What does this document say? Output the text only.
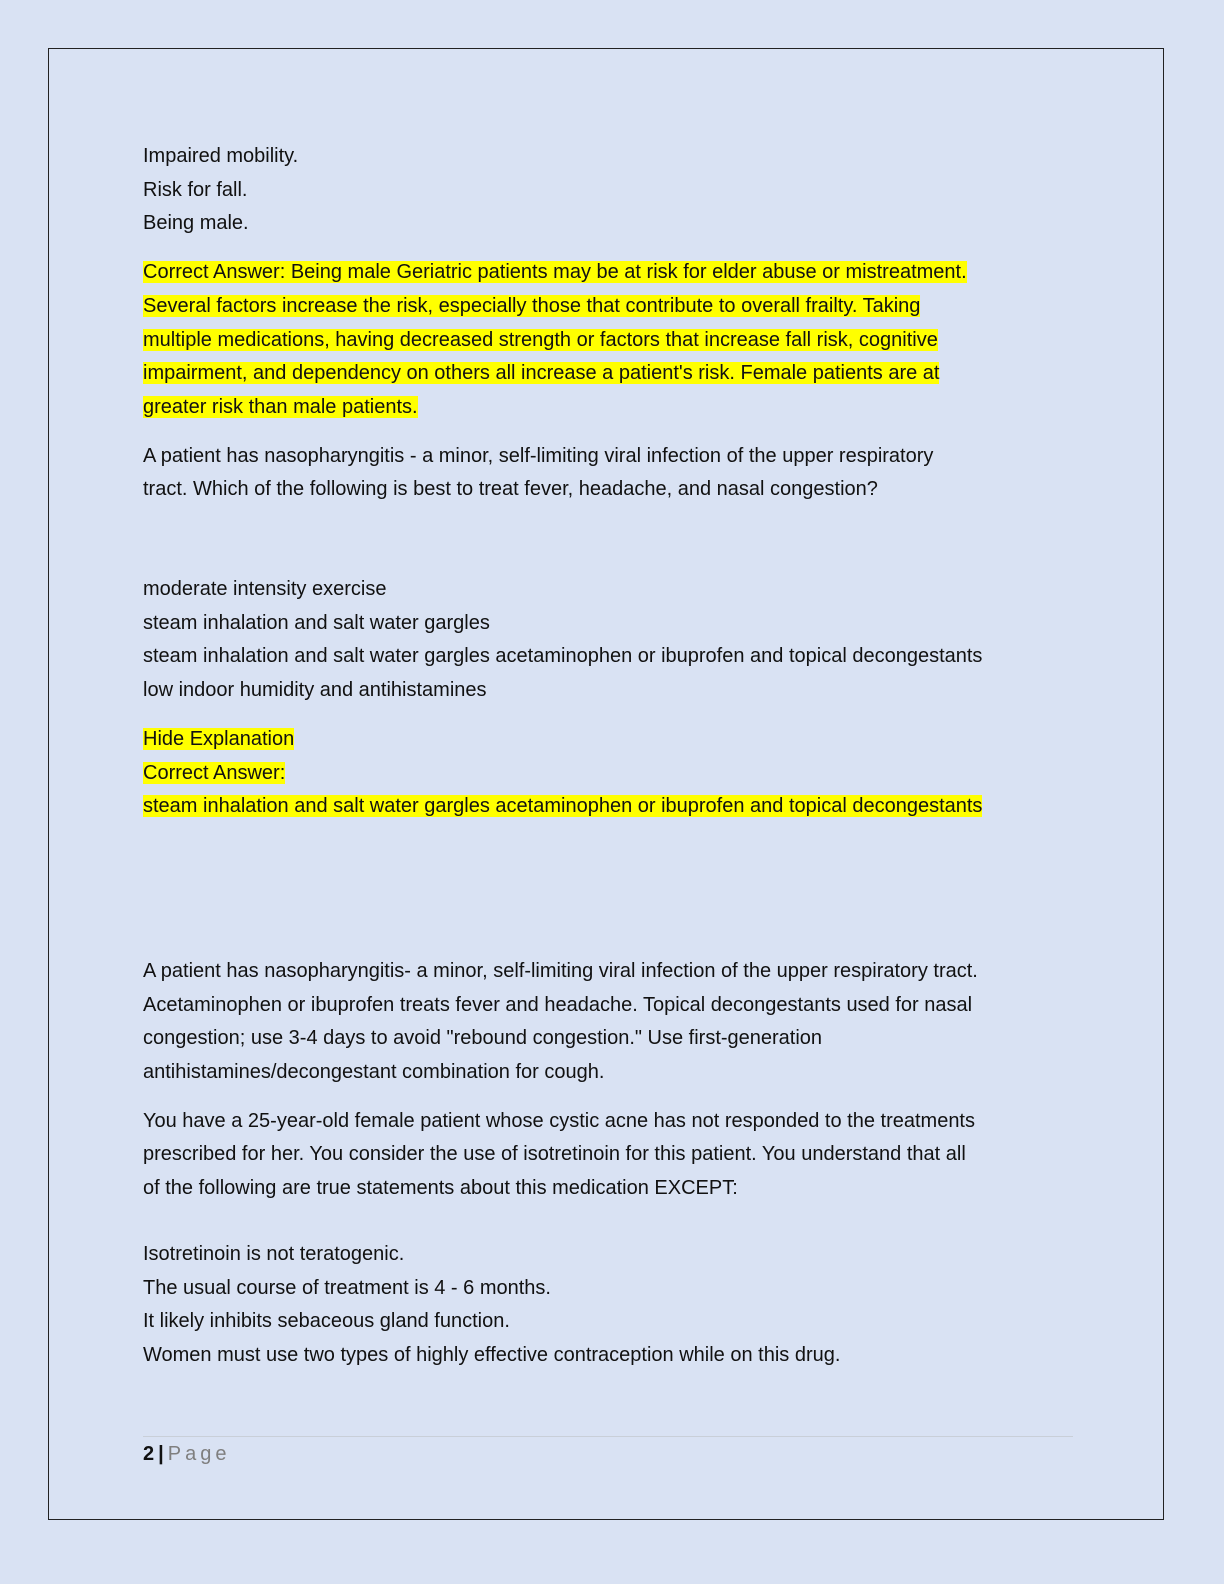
Impaired mobility.
Risk for fall.
Being male.
Correct Answer: Being male Geriatric patients may be at risk for elder abuse or mistreatment.
Several factors increase the risk, especially those that contribute to overall frailty. Taking
multiple medications, having decreased strength or factors that increase fall risk, cognitive
impairment, and dependency on others all increase a patient's risk. Female patients are at
greater risk than male patients.
A patient has nasopharyngitis - a minor, self-limiting viral infection of the upper respiratory
tract. Which of the following is best to treat fever, headache, and nasal congestion?
moderate intensity exercise
steam inhalation and salt water gargles
steam inhalation and salt water gargles acetaminophen or ibuprofen and topical decongestants
low indoor humidity and antihistamines
Hide Explanation
Correct Answer:
steam inhalation and salt water gargles acetaminophen or ibuprofen and topical decongestants
A patient has nasopharyngitis- a minor, self-limiting viral infection of the upper respiratory tract.
Acetaminophen or ibuprofen treats fever and headache. Topical decongestants used for nasal
congestion; use 3-4 days to avoid "rebound congestion." Use first-generation
antihistamines/decongestant combination for cough.
You have a 25-year-old female patient whose cystic acne has not responded to the treatments
prescribed for her. You consider the use of isotretinoin for this patient. You understand that all
of the following are true statements about this medication EXCEPT:
Isotretinoin is not teratogenic.
The usual course of treatment is 4 - 6 months.
It likely inhibits sebaceous gland function.
Women must use two types of highly effective contraception while on this drug.
2 | Page
